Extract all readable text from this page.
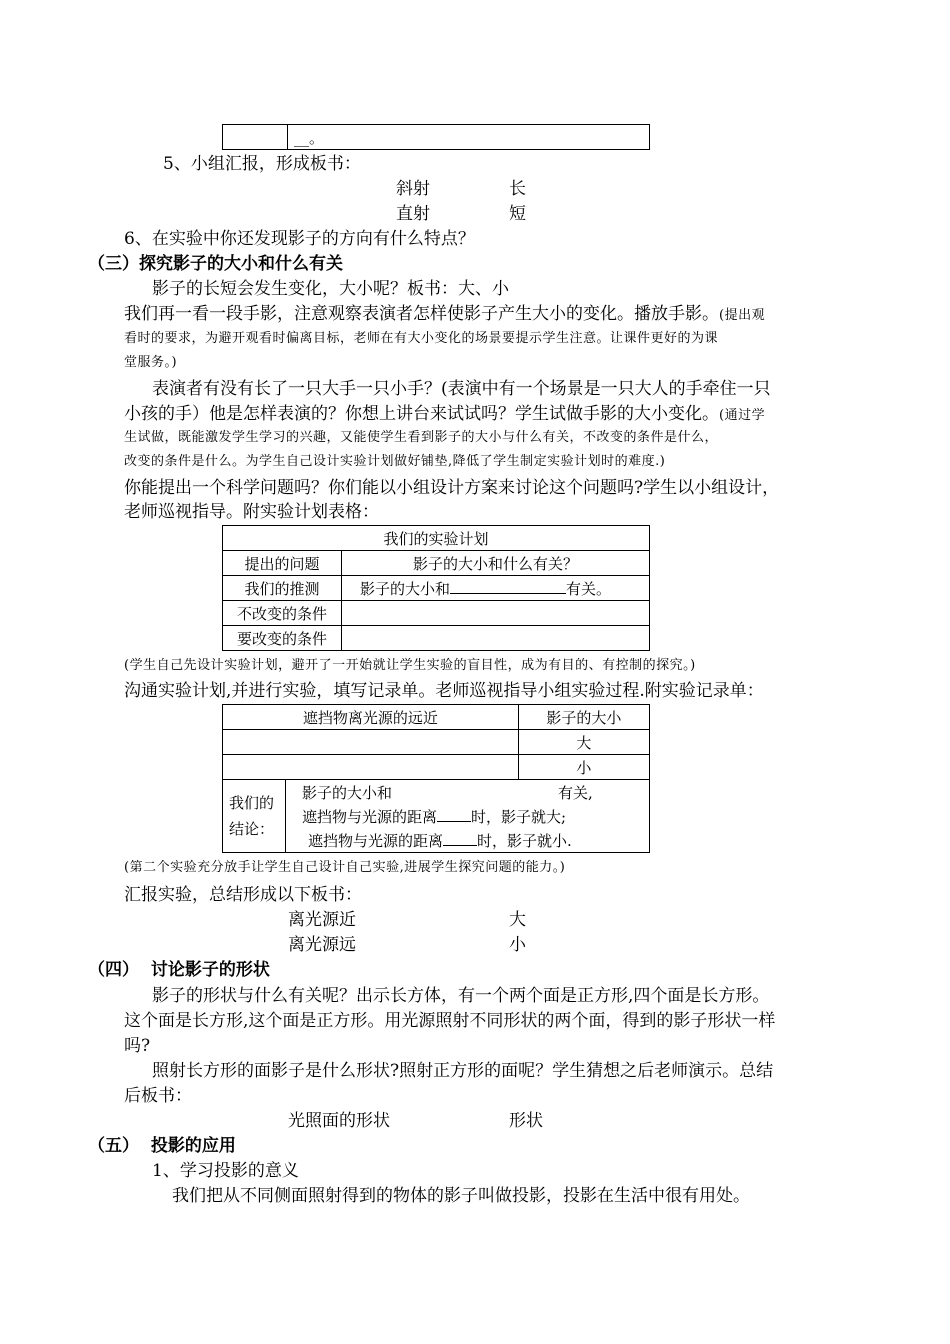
	__。
5、小组汇报，形成板书：
斜射	长
直射	短
6、在实验中你还发现影子的方向有什么特点？
（三）探究影子的大小和什么有关
影子的长短会发生变化，大小呢？板书：大、小
我们再一看一段手影，注意观察表演者怎样使影子产生大小的变化。播放手影。(提出观
看时的要求，为避开观看时偏离目标，老师在有大小变化的场景要提示学生注意。让课件更好的为课
堂服务。)
表演者有没有长了一只大手一只小手？(表演中有一个场景是一只大人的手牵住一只
小孩的手）他是怎样表演的？你想上讲台来试试吗？学生试做手影的大小变化。(通过学
生试做，既能激发学生学习的兴趣，又能使学生看到影子的大小与什么有关，不改变的条件是什么，
改变的条件是什么。为学生自己设计实验计划做好铺垫,降低了学生制定实验计划时的难度.)
你能提出一个科学问题吗？你们能以小组设计方案来讨论这个问题吗?学生以小组设计，
老师巡视指导。附实验计划表格：
我们的实验计划	
提出的问题	影子的大小和什么有关？
我们的推测	影子的大小和 有关。
不改变的条件	
要改变的条件	
(学生自己先设计实验计划，避开了一开始就让学生实验的盲目性，成为有目的、有控制的探究。)
沟通实验计划,并进行实验，填写记录单。老师巡视指导小组实验过程.附实验记录单：
遮挡物离光源的远近		影子的大小
		大
		小
我们的结论：	影子的大小和 有关,
遮挡物与光源的距离 时，影子就大;
遮挡物与光源的距离 时，影子就小.	
(第二个实验充分放手让学生自己设计自己实验,进展学生探究问题的能力。)
汇报实验，总结形成以下板书：
离光源近	大
离光源远	小
（四）  讨论影子的形状
影子的形状与什么有关呢？出示长方体，有一个两个面是正方形,四个面是长方形。
这个面是长方形,这个面是正方形。用光源照射不同形状的两个面，得到的影子形状一样
吗?
照射长方形的面影子是什么形状?照射正方形的面呢？学生猜想之后老师演示。总结
后板书：
光照面的形状	形状
（五）  投影的应用
1、学习投影的意义
我们把从不同侧面照射得到的物体的影子叫做投影，投影在生活中很有用处。
